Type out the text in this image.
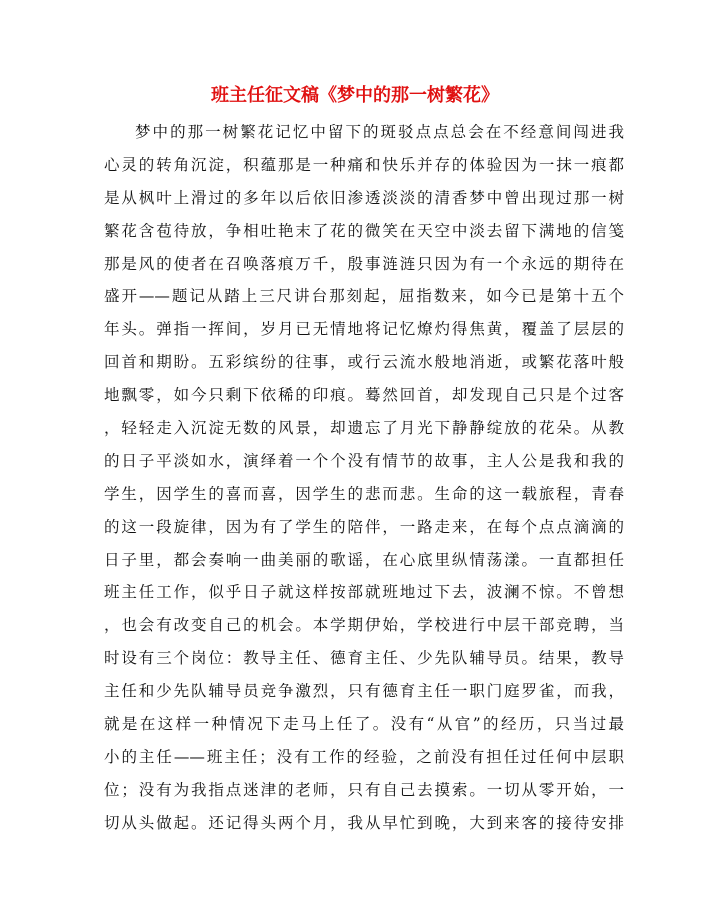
班主任征文稿《梦中的那一树繁花》

梦中的那一树繁花记忆中留下的斑驳点点总会在不经意间闯进我

心灵的转角沉淀，积蕴那是一种痛和快乐并存的体验因为一抹一痕都

是从枫叶上滑过的多年以后依旧渗透淡淡的清香梦中曾出现过那一树

繁花含苞待放，争相吐艳末了花的微笑在天空中淡去留下满地的信笺

那是风的使者在召唤落痕万千，殷事涟涟只因为有一个永远的期待在

盛开——题记从踏上三尺讲台那刻起，屈指数来，如今已是第十五个

年头。弹指一挥间，岁月已无情地将记忆燎灼得焦黄，覆盖了层层的

回首和期盼。五彩缤纷的往事，或行云流水般地消逝，或繁花落叶般

地飘零，如今只剩下依稀的印痕。蓦然回首，却发现自己只是个过客

，轻轻走入沉淀无数的风景，却遗忘了月光下静静绽放的花朵。从教

的日子平淡如水，演绎着一个个没有情节的故事，主人公是我和我的

学生，因学生的喜而喜，因学生的悲而悲。生命的这一载旅程，青春

的这一段旋律，因为有了学生的陪伴，一路走来，在每个点点滴滴的

日子里，都会奏响一曲美丽的歌谣，在心底里纵情荡漾。一直都担任

班主任工作，似乎日子就这样按部就班地过下去，波澜不惊。不曾想

，也会有改变自己的机会。本学期伊始，学校进行中层干部竞聘，当

时设有三个岗位：教导主任、德育主任、少先队辅导员。结果，教导

主任和少先队辅导员竞争激烈，只有德育主任一职门庭罗雀，而我，

就是在这样一种情况下走马上任了。没有“从官”的经历，只当过最

小的主任——班主任；没有工作的经验，之前没有担任过任何中层职

位；没有为我指点迷津的老师，只有自己去摸索。一切从零开始，一

切从头做起。还记得头两个月，我从早忙到晚，大到来客的接待安排
